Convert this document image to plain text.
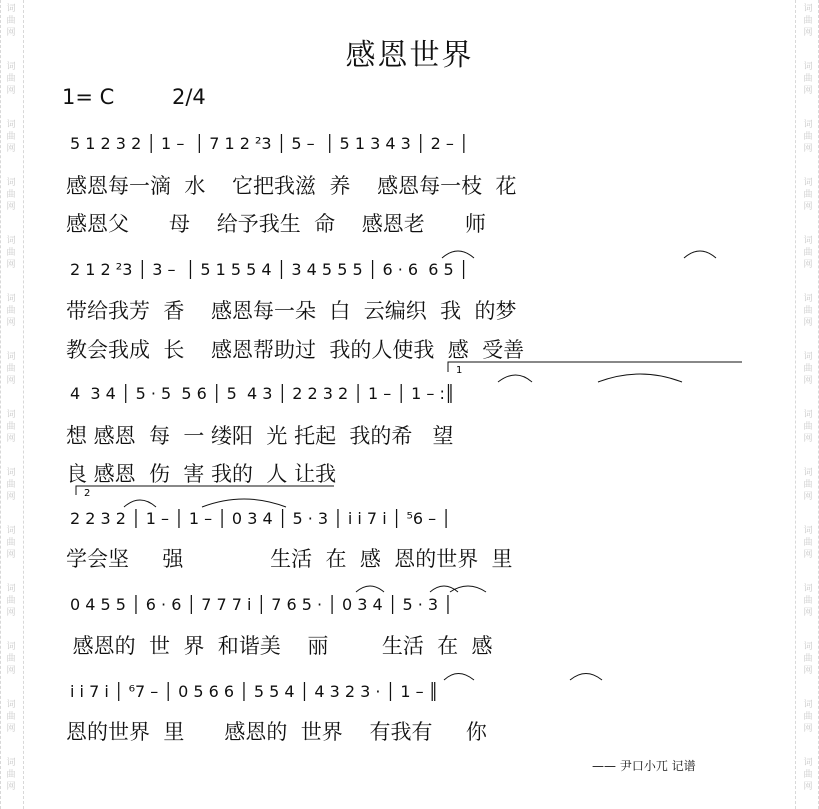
词
曲
网
词
曲
网
词
曲
网
词
曲
网
词
曲
网
词
曲
网
词
曲
网
词
曲
网
词
曲
网
词
曲
网
词
曲
网
词
曲
网
词
曲
网
词
曲
网
词
曲
网
词
曲
网
词
曲
网
词
曲
网
词
曲
网
词
曲
网
词
曲
网
词
曲
网
词
曲
网
词
曲
网
词
曲
网
词
曲
网
词
曲
网
词
曲
网
感恩世界
1= C	2/4
5 1 2 3 2 │ 1 –  │ 7 1 2 ²3 │ 5 –  │ 5 1 3 4 3 │ 2 – │
感恩每一滴  水    它把我滋  养    感恩每一枝  花
感恩父      母    给予我生  命    感恩老      师
2 1 2 ²3 │ 3 –  │ 5 1 5 5 4 │ 3 4 5 5 5 │ 6 · 6  6 5 │
带给我芳  香    感恩每一朵  白  云编织  我  的梦
教会我成  长    感恩帮助过  我的人使我  感  受善
4  3 4 │ 5 · 5  5 6 │ 5  4 3 │ 2 2 3 2 │ 1 – │ 1 – :║
想 感恩  每  一 缕阳  光 托起  我的希   望
良 感恩  伤  害 我的  人 让我
2 2 3 2 │ 1 – │ 1 – │ 0 3 4 │ 5 · 3 │ i i 7 i │ ⁵6 – │
学会坚     强             生活  在  感  恩的世界  里
0 4 5 5 │ 6 · 6 │ 7 7 7 i │ 7 6 5 · │ 0 3 4 │ 5 · 3 │
感恩的  世  界  和谐美    丽        生活  在  感
i i 7 i │ ⁶7 – │ 0 5 6 6 │ 5 5 4 │ 4 3 2 3 · │ 1 – ║
恩的世界  里      感恩的  世界    有我有     你
1
2
—— 尹口小兀 记谱
